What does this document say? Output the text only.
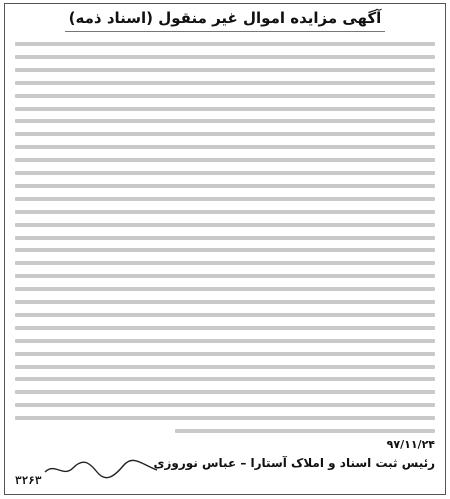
آگهی مزایده اموال غیر منقول (اسناد ذمه)
۹۷/۱۱/۲۴
رئیس ثبت اسناد و املاک آستارا – عباس نوروزی
۳۲۶۳
